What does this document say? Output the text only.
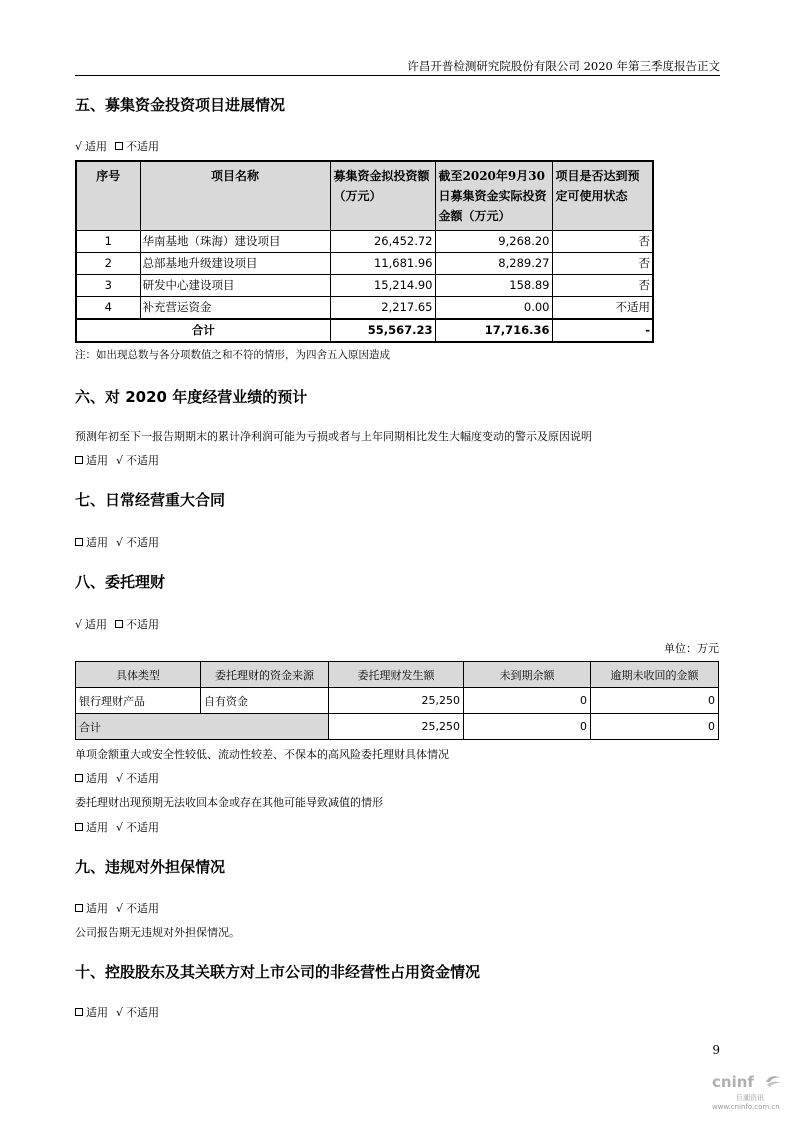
许昌开普检测研究院股份有限公司 2020 年第三季度报告正文
五、募集资金投资项目进展情况
√ 适用 不适用
序号	项目名称	募集资金拟投资额（万元）	截至2020年9月30日募集资金实际投资金额（万元）	项目是否达到预定可使用状态
1	华南基地（珠海）建设项目	26,452.72	9,268.20	否
2	总部基地升级建设项目	11,681.96	8,289.27	否
3	研发中心建设项目	15,214.90	158.89	否
4	补充营运资金	2,217.65	0.00	不适用
合计		55,567.23	17,716.36	-
注：如出现总数与各分项数值之和不符的情形，为四舍五入原因造成
六、对 2020 年度经营业绩的预计
预测年初至下一报告期期末的累计净利润可能为亏损或者与上年同期相比发生大幅度变动的警示及原因说明
适用 √ 不适用
七、日常经营重大合同
适用 √ 不适用
八、委托理财
√ 适用 不适用
单位：万元
具体类型	委托理财的资金来源	委托理财发生额	未到期余额	逾期未收回的金额
银行理财产品	自有资金	25,250	0	0
合计		25,250	0	0
单项金额重大或安全性较低、流动性较差、不保本的高风险委托理财具体情况
适用 √ 不适用
委托理财出现预期无法收回本金或存在其他可能导致减值的情形
适用 √ 不适用
九、违规对外担保情况
适用 √ 不适用
公司报告期无违规对外担保情况。
十、控股股东及其关联方对上市公司的非经营性占用资金情况
适用 √ 不适用
9
cninf
巨潮资讯
www.cninfo.com.cn
